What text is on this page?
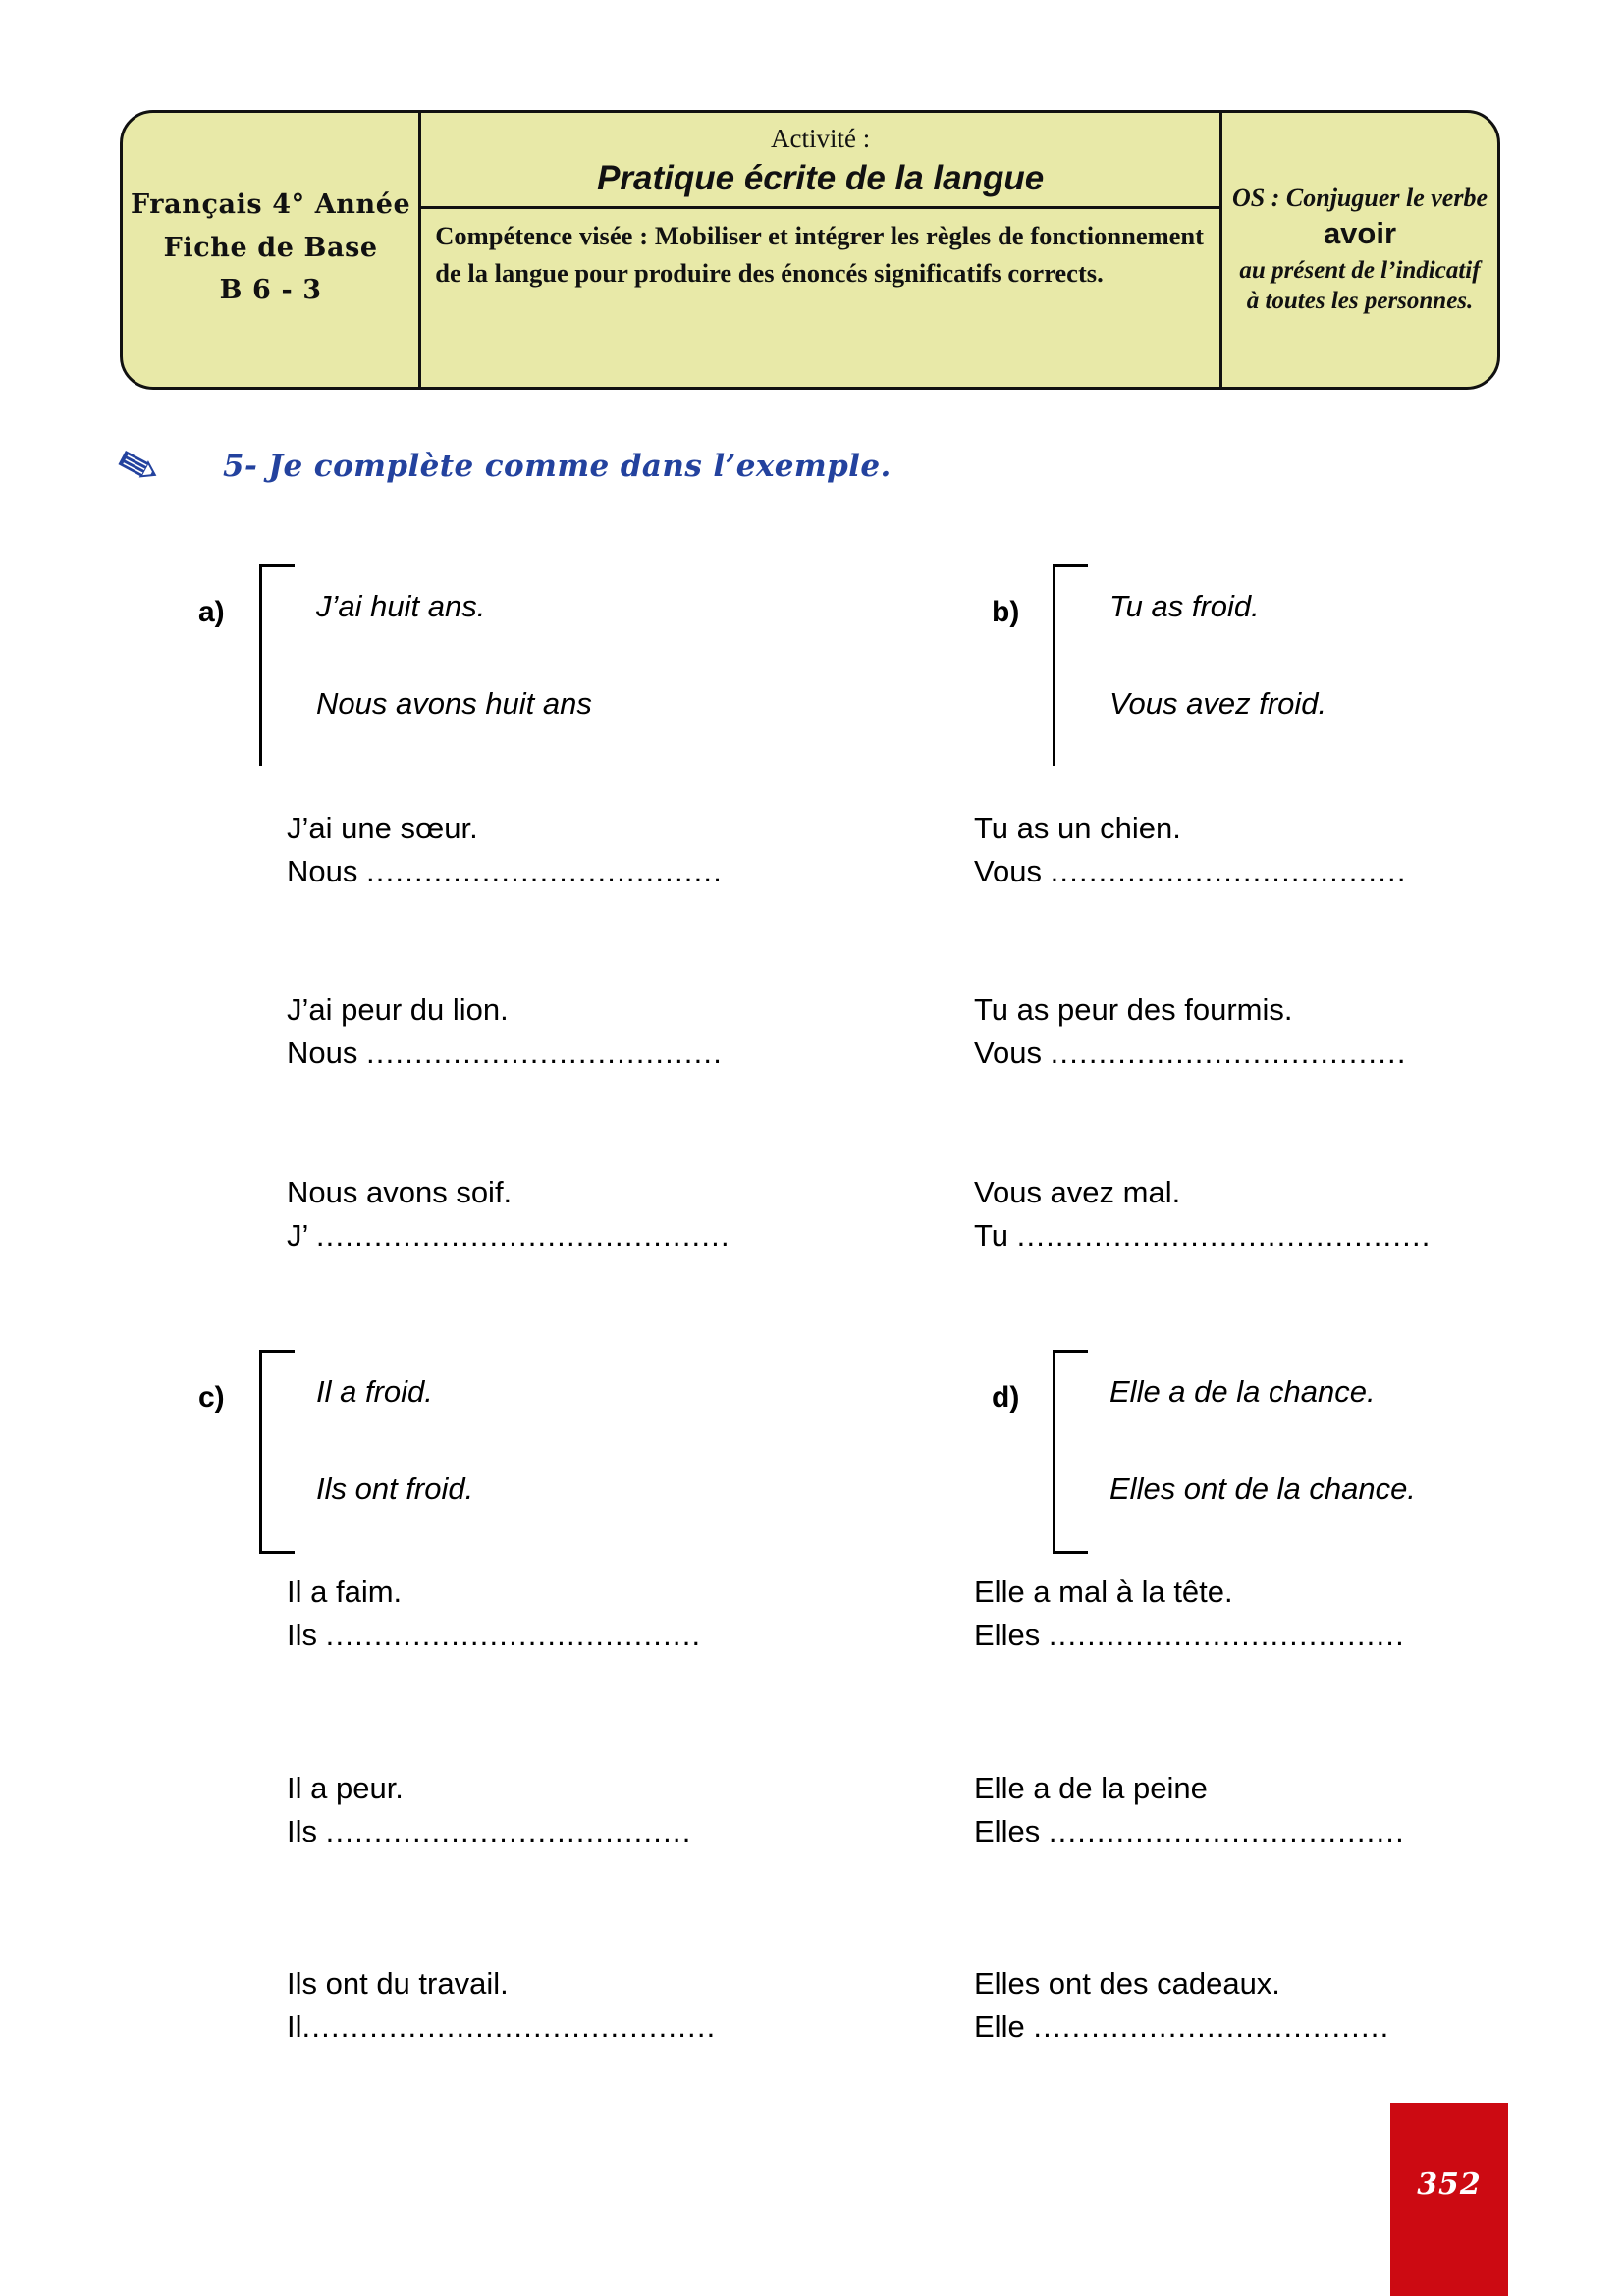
Français 4° Année
Fiche de Base
B 6 - 3
Activité :
Pratique écrite de la langue
Compétence visée : Mobiliser et intégrer les règles de fonctionnement de la langue pour produire des énoncés significatifs corrects.
OS : Conjuguer le verbe
avoir
au présent de l’indicatif
à toutes les personnes.
5- Je complète comme dans l’exemple.
a)	J’ai huit ans.
Nous avons huit ans
b)	Tu as froid.
Vous avez froid.
J’ai une sœur.
Nous .....................................
J’ai peur du lion.
Nous .....................................
Nous avons soif.
J’ ...........................................
Tu as un chien.
Vous .....................................
Tu as peur des fourmis.
Vous .....................................
Vous avez mal.
Tu ...........................................
c)	Il a froid.
Ils ont froid.
d)	Elle a de la chance.
Elles ont de la chance.
Il a faim.
Ils .......................................
Il a peur.
Ils ......................................
Ils ont du travail.
Il...........................................
Elle a mal à la tête.
Elles .....................................
Elle a de la peine
Elles .....................................
Elles ont des cadeaux.
Elle .....................................
352
